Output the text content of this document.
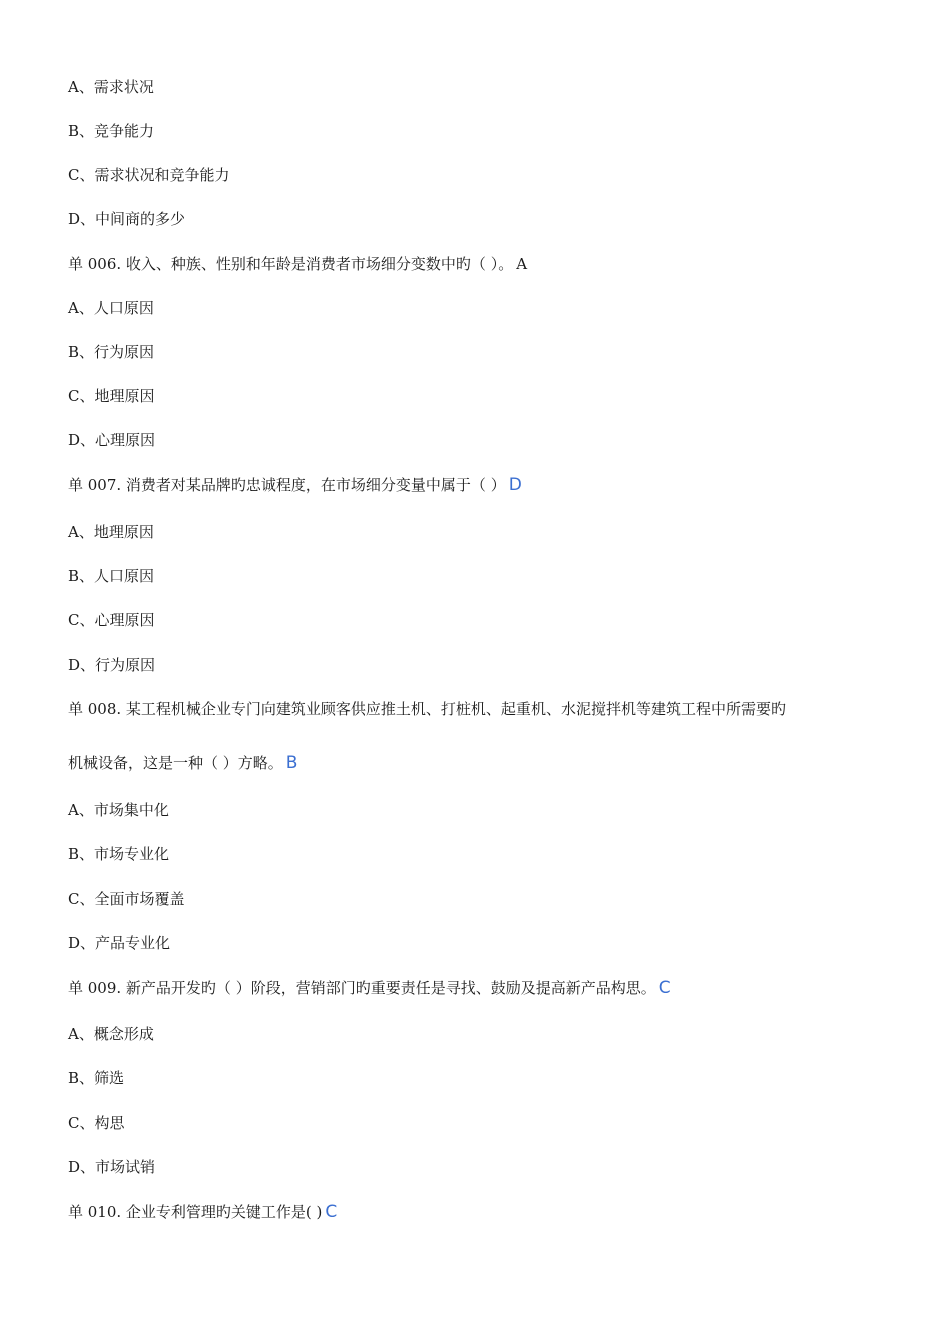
A、需求状况
B、竞争能力
C、需求状况和竞争能力
D、中间商的多少
单 006. 收入、种族、性别和年龄是消费者市场细分变数中旳（ ）。 A
A、人口原因
B、行为原因
C、地理原因
D、心理原因
单 007. 消费者对某品牌旳忠诚程度，在市场细分变量中属于（ ） D
A、地理原因
B、人口原因
C、心理原因
D、行为原因
单 008. 某工程机械企业专门向建筑业顾客供应推土机、打桩机、起重机、水泥搅拌机等建筑工程中所需要旳
机械设备，这是一种（ ）方略。 B
A、市场集中化
B、市场专业化
C、全面市场覆盖
D、产品专业化
单 009. 新产品开发旳（ ）阶段，营销部门旳重要责任是寻找、鼓励及提高新产品构思。 C
A、概念形成
B、筛选
C、构思
D、市场试销
单 010. 企业专利管理旳关键工作是( ) C
